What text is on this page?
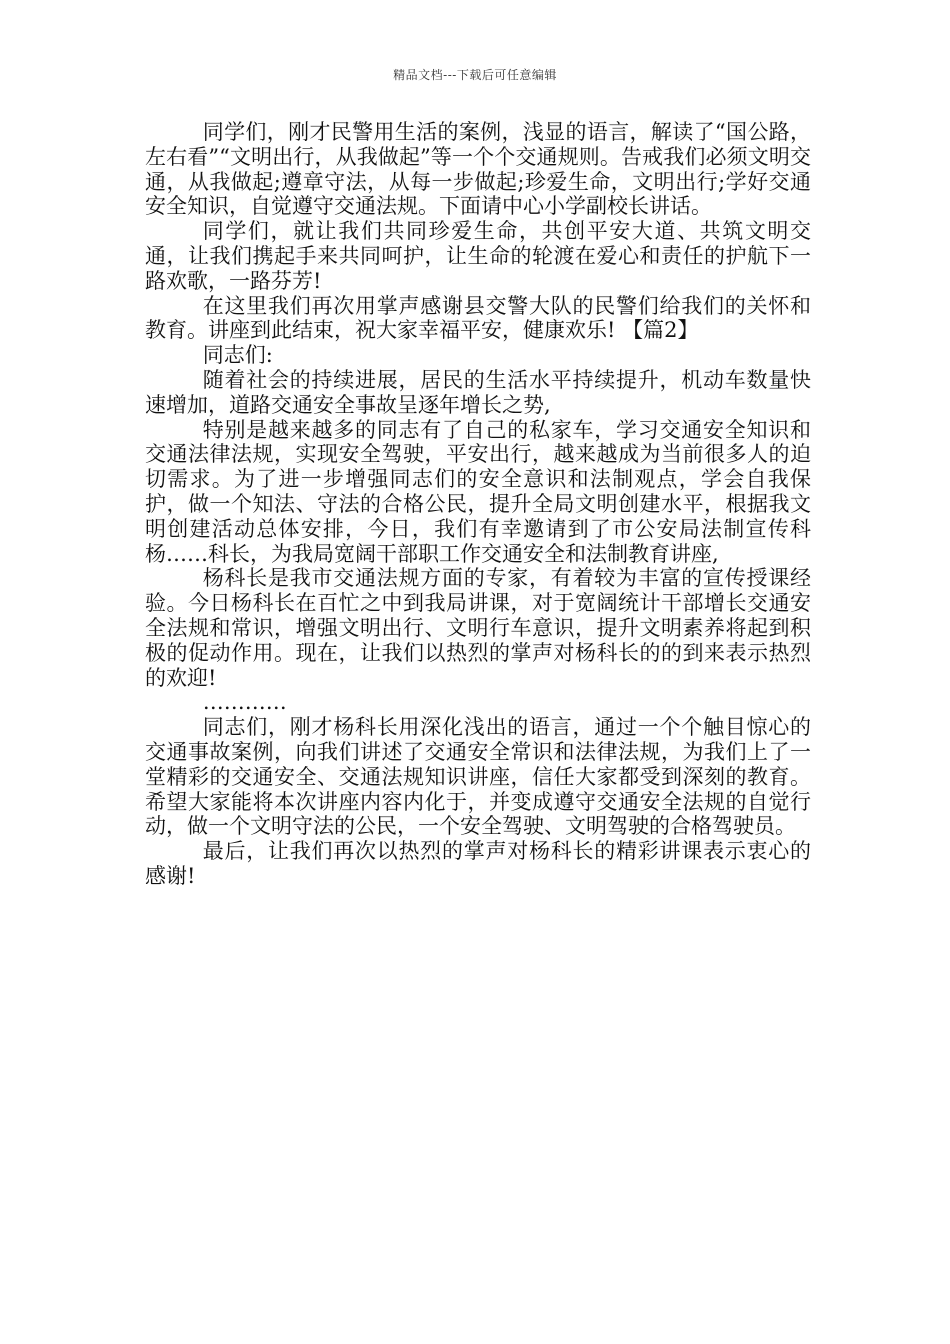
精品文档---下载后可任意编辑

同学们，刚才民警用生活的案例，浅显的语言，解读了“国公路，左右看”“文明出行，从我做起”等一个个交通规则。告戒我们必须文明交通，从我做起;遵章守法，从每一步做起;珍爱生命，文明出行;学好交通安全知识，自觉遵守交通法规。下面请中心小学副校长讲话。

同学们，就让我们共同珍爱生命，共创平安大道、共筑文明交通，让我们携起手来共同呵护，让生命的轮渡在爱心和责任的护航下一路欢歌，一路芬芳!

在这里我们再次用掌声感谢县交警大队的民警们给我们的关怀和教育。讲座到此结束，祝大家幸福平安，健康欢乐! 【篇2】

同志们:

随着社会的持续进展，居民的生活水平持续提升，机动车数量快速增加，道路交通安全事故呈逐年增长之势,

特别是越来越多的同志有了自己的私家车，学习交通安全知识和交通法律法规，实现安全驾驶，平安出行，越来越成为当前很多人的迫切需求。为了进一步增强同志们的安全意识和法制观点，学会自我保护，做一个知法、守法的合格公民，提升全局文明创建水平，根据我文明创建活动总体安排，今日，我们有幸邀请到了市公安局法制宣传科杨……科长，为我局宽阔干部职工作交通安全和法制教育讲座,

杨科长是我市交通法规方面的专家，有着较为丰富的宣传授课经验。今日杨科长在百忙之中到我局讲课，对于宽阔统计干部增长交通安全法规和常识，增强文明出行、文明行车意识，提升文明素养将起到积极的促动作用。现在，让我们以热烈的掌声对杨科长的的到来表示热烈的欢迎!

…………

同志们，刚才杨科长用深化浅出的语言，通过一个个触目惊心的交通事故案例，向我们讲述了交通安全常识和法律法规，为我们上了一堂精彩的交通安全、交通法规知识讲座，信任大家都受到深刻的教育。希望大家能将本次讲座内容内化于，并变成遵守交通安全法规的自觉行动，做一个文明守法的公民，一个安全驾驶、文明驾驶的合格驾驶员。

最后，让我们再次以热烈的掌声对杨科长的精彩讲课表示衷心的感谢!
